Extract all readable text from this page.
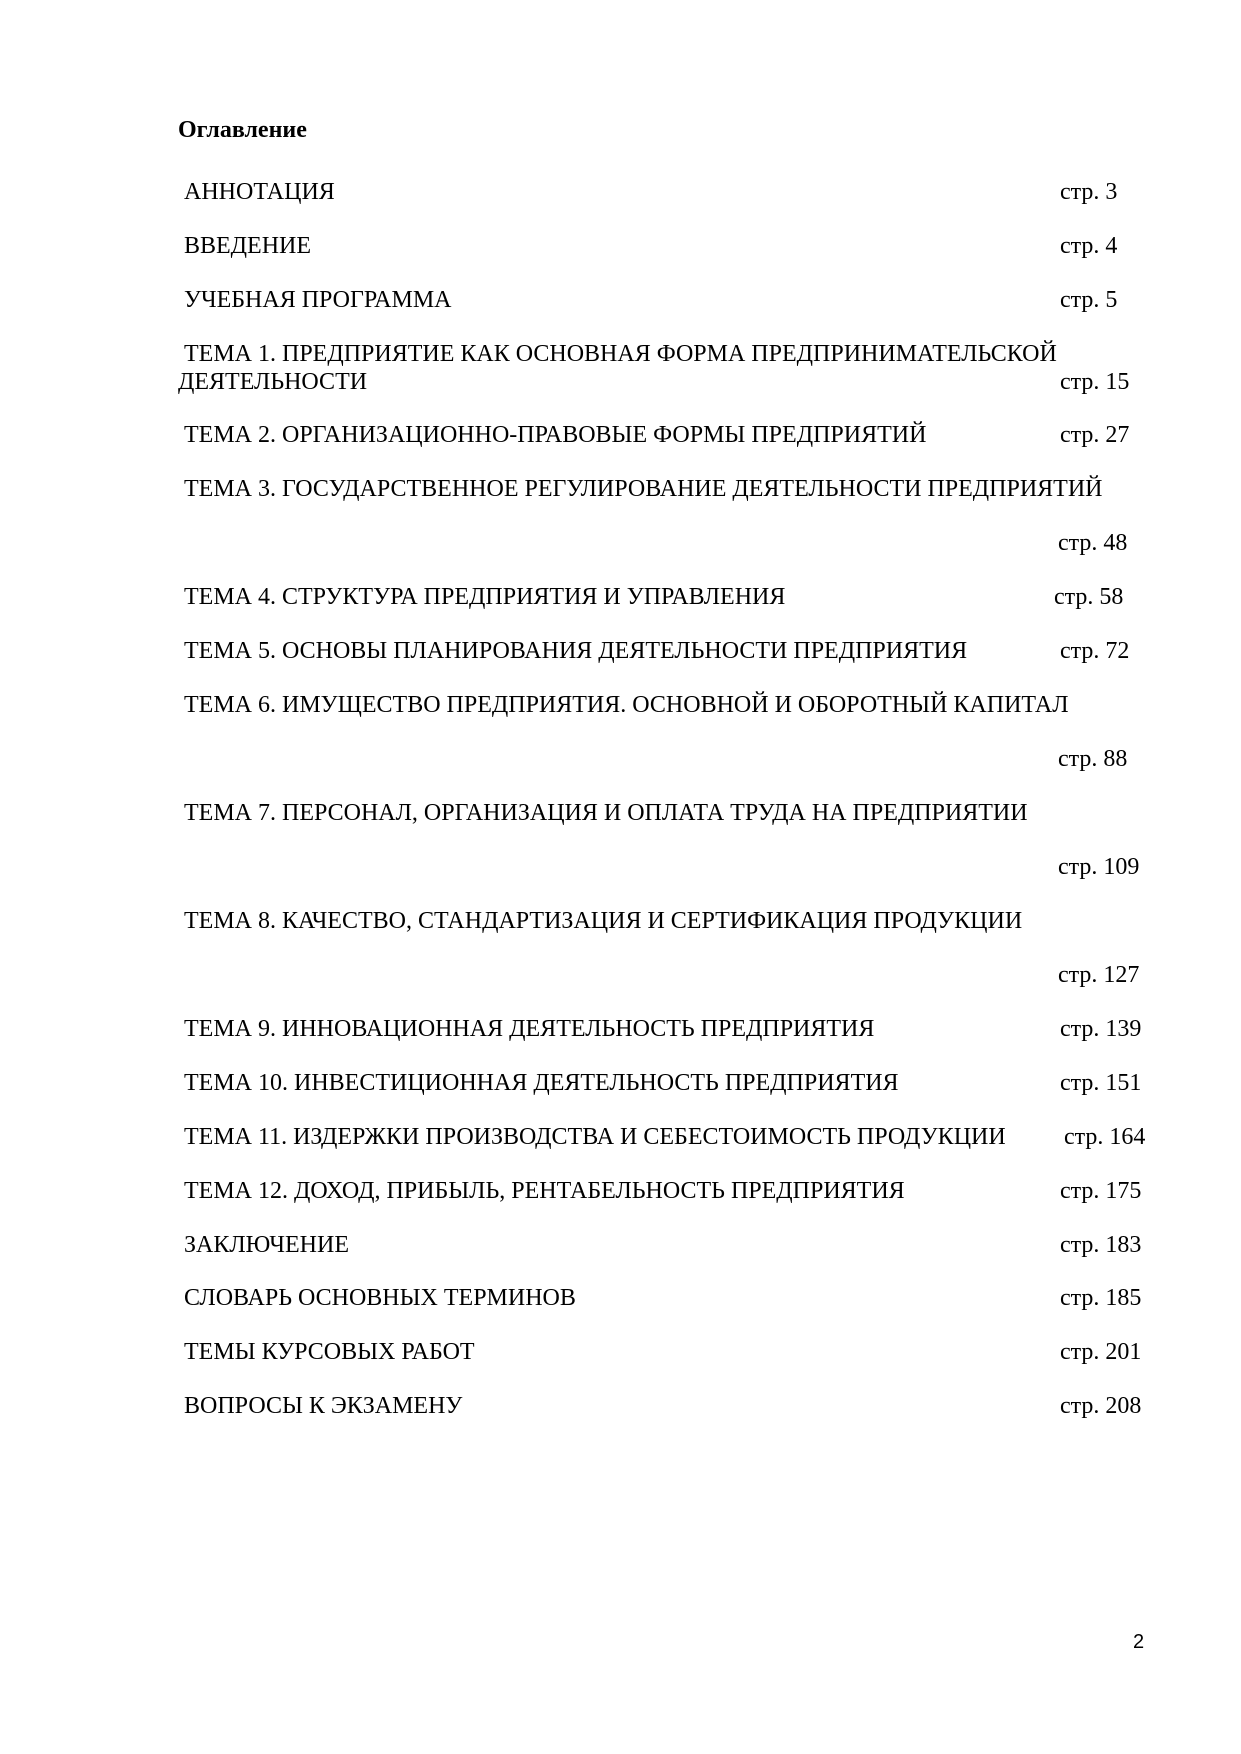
Оглавление
АННОТАЦИЯ	стр. 3
ВВЕДЕНИЕ	стр. 4
УЧЕБНАЯ ПРОГРАММА	стр. 5
ТЕМА 1. ПРЕДПРИЯТИЕ КАК ОСНОВНАЯ ФОРМА ПРЕДПРИНИМАТЕЛЬСКОЙ
ДЕЯТЕЛЬНОСТИ	стр. 15
ТЕМА 2. ОРГАНИЗАЦИОННО-ПРАВОВЫЕ ФОРМЫ ПРЕДПРИЯТИЙ	стр. 27
ТЕМА 3. ГОСУДАРСТВЕННОЕ РЕГУЛИРОВАНИЕ ДЕЯТЕЛЬНОСТИ ПРЕДПРИЯТИЙ
стр. 48
ТЕМА 4. СТРУКТУРА ПРЕДПРИЯТИЯ И УПРАВЛЕНИЯ	стр. 58
ТЕМА 5. ОСНОВЫ ПЛАНИРОВАНИЯ ДЕЯТЕЛЬНОСТИ ПРЕДПРИЯТИЯ	стр. 72
ТЕМА 6. ИМУЩЕСТВО ПРЕДПРИЯТИЯ. ОСНОВНОЙ И ОБОРОТНЫЙ КАПИТАЛ
стр. 88
ТЕМА 7. ПЕРСОНАЛ, ОРГАНИЗАЦИЯ И ОПЛАТА ТРУДА НА ПРЕДПРИЯТИИ
стр. 109
ТЕМА 8. КАЧЕСТВО, СТАНДАРТИЗАЦИЯ И СЕРТИФИКАЦИЯ ПРОДУКЦИИ
стр. 127
ТЕМА 9. ИННОВАЦИОННАЯ ДЕЯТЕЛЬНОСТЬ ПРЕДПРИЯТИЯ	стр. 139
ТЕМА 10. ИНВЕСТИЦИОННАЯ ДЕЯТЕЛЬНОСТЬ ПРЕДПРИЯТИЯ	стр. 151
ТЕМА 11. ИЗДЕРЖКИ ПРОИЗВОДСТВА И СЕБЕСТОИМОСТЬ ПРОДУКЦИИ стр. 164
ТЕМА 12. ДОХОД, ПРИБЫЛЬ, РЕНТАБЕЛЬНОСТЬ ПРЕДПРИЯТИЯ	стр. 175
ЗАКЛЮЧЕНИЕ	стр. 183
СЛОВАРЬ ОСНОВНЫХ ТЕРМИНОВ	стр. 185
ТЕМЫ КУРСОВЫХ РАБОТ	стр. 201
ВОПРОСЫ К ЭКЗАМЕНУ	стр. 208
2
